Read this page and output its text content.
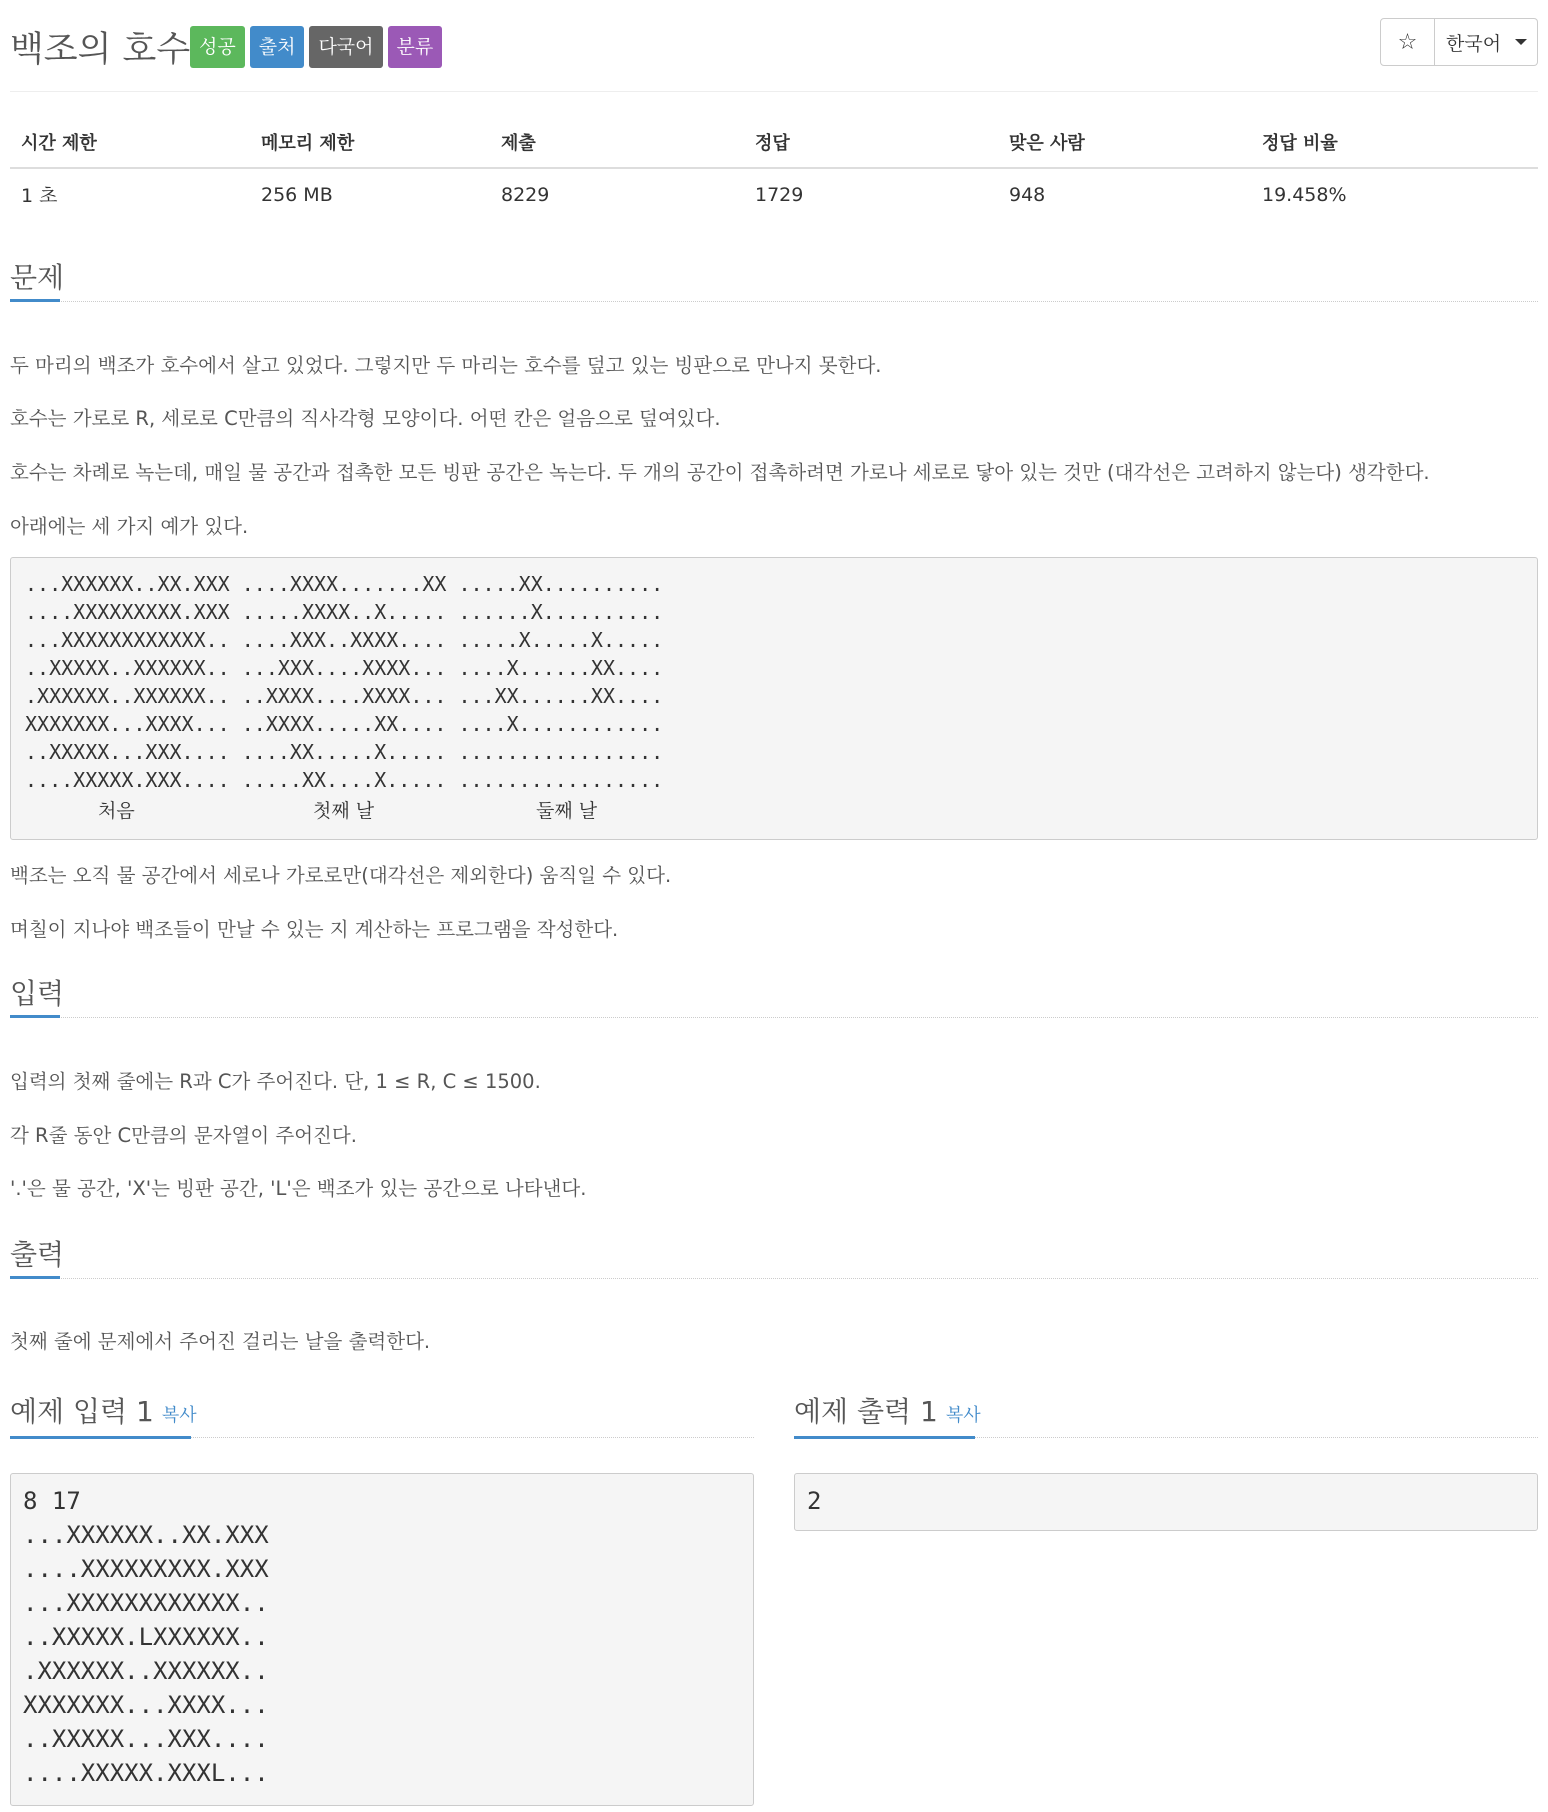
백조의 호수 성공	출처	다국어	분류	☆ 한국어
시간 제한	메모리 제한	제출	정답	맞은 사람	정답 비율
1 초	256 MB	8229	1729	948	19.458%
문제
두 마리의 백조가 호수에서 살고 있었다. 그렇지만 두 마리는 호수를 덮고 있는 빙판으로 만나지 못한다.
호수는 가로로 R, 세로로 C만큼의 직사각형 모양이다. 어떤 칸은 얼음으로 덮여있다.
호수는 차례로 녹는데, 매일 물 공간과 접촉한 모든 빙판 공간은 녹는다. 두 개의 공간이 접촉하려면 가로나 세로로 닿아 있는 것만 (대각선은 고려하지 않는다) 생각한다.
아래에는 세 가지 예가 있다.
...XXXXXX..XX.XXX ....XXXX.......XX .....XX..........
....XXXXXXXXX.XXX .....XXXX..X..... ......X..........
...XXXXXXXXXXXX.. ....XXX..XXXX.... .....X.....X.....
..XXXXX..XXXXXX.. ...XXX....XXXX... ....X......XX....
.XXXXXX..XXXXXX.. ..XXXX....XXXX... ...XX......XX....
XXXXXXX...XXXX... ..XXXX.....XX.... ....X............
..XXXXX...XXX.... ....XX.....X..... .................
....XXXXX.XXX.... .....XX....X..... .................
처음	첫째 날	둘째 날
백조는 오직 물 공간에서 세로나 가로로만(대각선은 제외한다) 움직일 수 있다.
며칠이 지나야 백조들이 만날 수 있는 지 계산하는 프로그램을 작성한다.
입력
입력의 첫째 줄에는 R과 C가 주어진다. 단, 1 ≤ R, C ≤ 1500.
각 R줄 동안 C만큼의 문자열이 주어진다.
'.'은 물 공간, 'X'는 빙판 공간, 'L'은 백조가 있는 공간으로 나타낸다.
출력
첫째 줄에 문제에서 주어진 걸리는 날을 출력한다.
예제 입력 1 복사
8 17
...XXXXXX..XX.XXX
....XXXXXXXXX.XXX
...XXXXXXXXXXXX..
..XXXXX.LXXXXXX..
.XXXXXX..XXXXXX..
XXXXXXX...XXXX...
..XXXXX...XXX....
....XXXXX.XXXL...
예제 출력 1 복사
2
